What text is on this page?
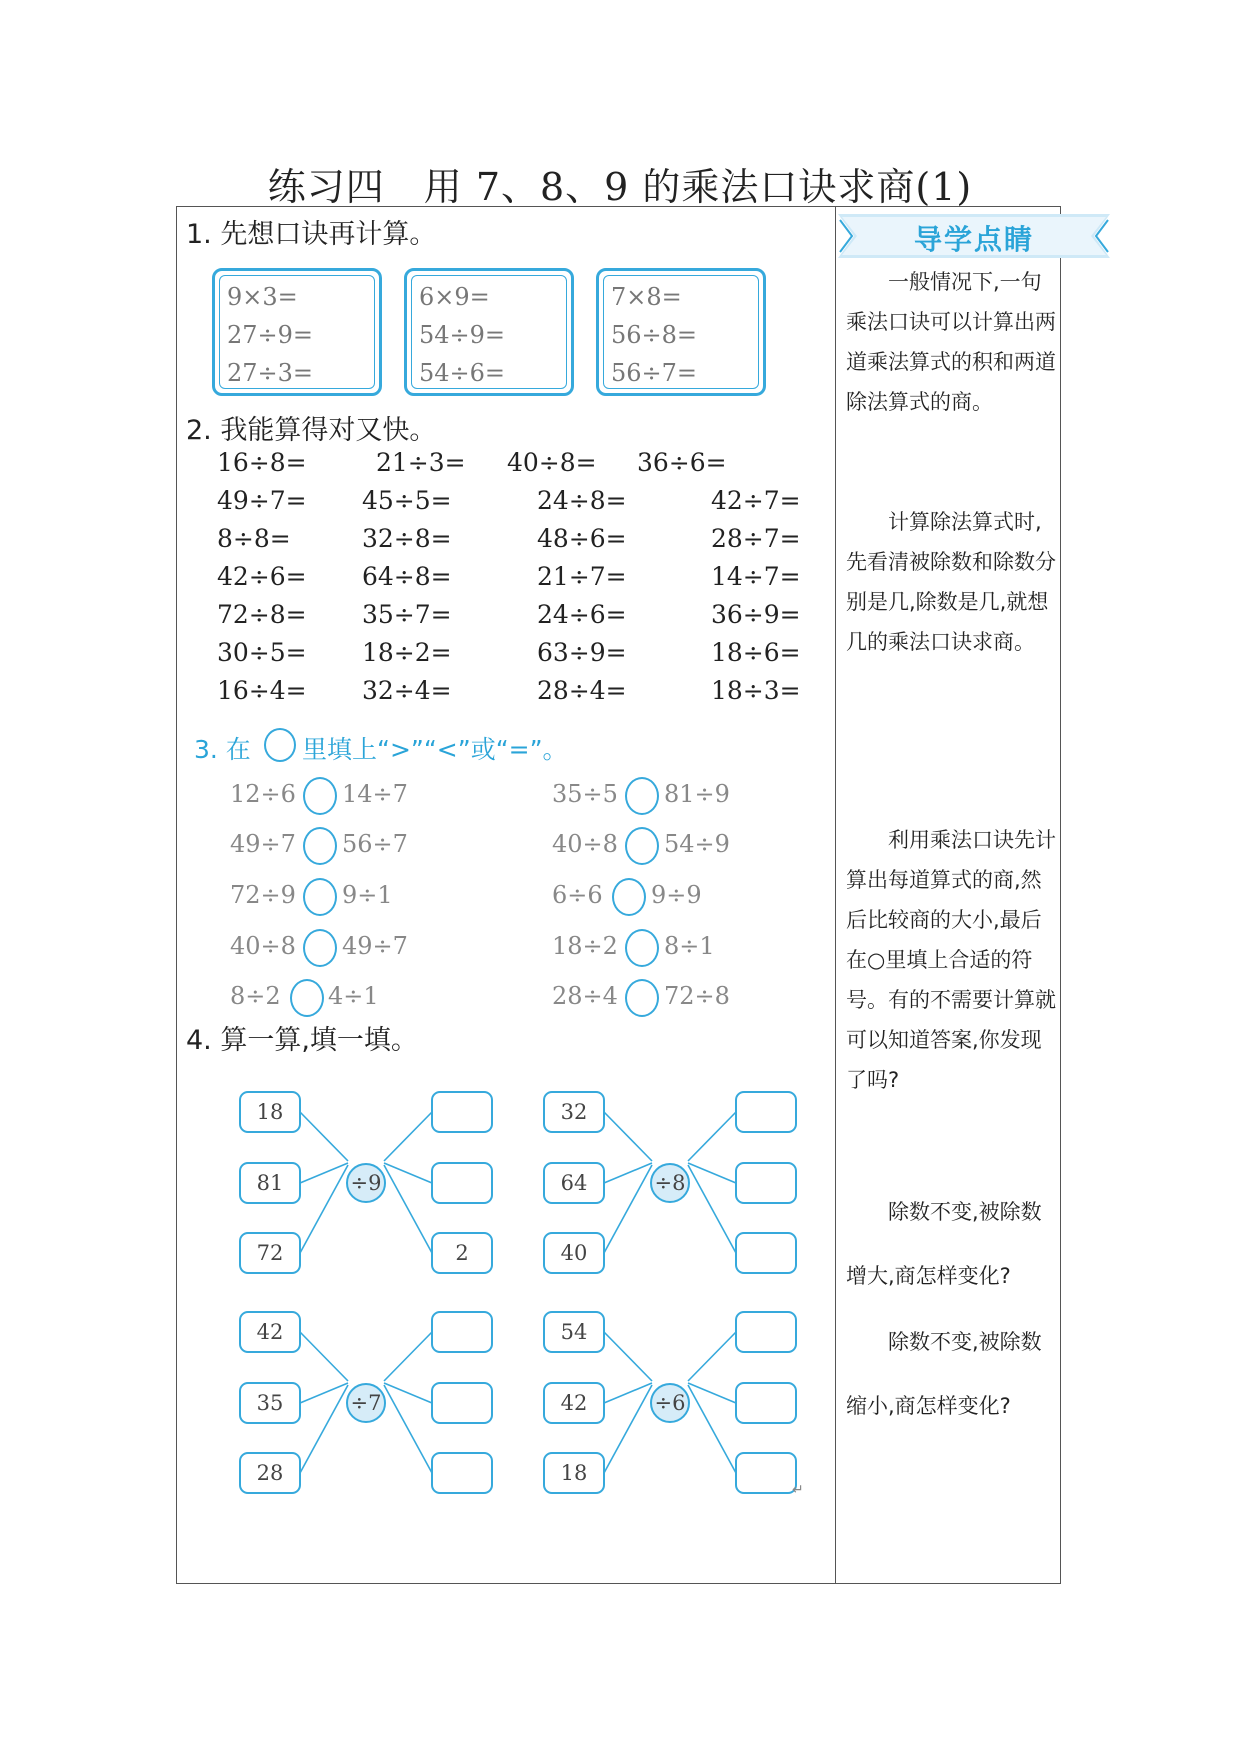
练习四　用 7、8、9 的乘法口诀求商(1)
1. 先想口诀再计算。
9×3=
27÷9=
27÷3=
6×9=
54÷9=
54÷6=
7×8=
56÷8=
56÷7=
2. 我能算得对又快。
16÷8=	21÷3= 40÷8= 36÷6=
49÷7= 45÷5=	24÷8=	42÷7=
8÷8=	32÷8=	48÷6=	28÷7=
42÷6= 64÷8=	21÷7=	14÷7=
72÷8= 35÷7=	24÷6=	36÷9=
30÷5= 18÷2=	63÷9=	18÷6=
16÷4= 32÷4=	28÷4=	18÷3=
3. 在 里填上“>”“<”或“=”。
12÷6 14÷7
49÷7 56÷7
72÷9 9÷1
40÷8 49÷7
8÷2 4÷1
35÷5 81÷9
40÷8 54÷9
6÷6 9÷9
18÷2 8÷1
28÷4 72÷8
4. 算一算,填一填。
18
81
72	2
÷9
32
64
40
÷8
42
35
28
÷7
54
42
18
÷6
↵
导学点睛
一般情况下,一句乘法口诀可以计算出两道乘法算式的积和两道除法算式的商。
计算除法算式时,先看清被除数和除数分别是几,除数是几,就想几的乘法口诀求商。
利用乘法口诀先计算出每道算式的商,然后比较商的大小,最后在○里填上合适的符号。有的不需要计算就可以知道答案,你发现了吗?
除数不变,被除数
增大,商怎样变化?
除数不变,被除数
缩小,商怎样变化?
